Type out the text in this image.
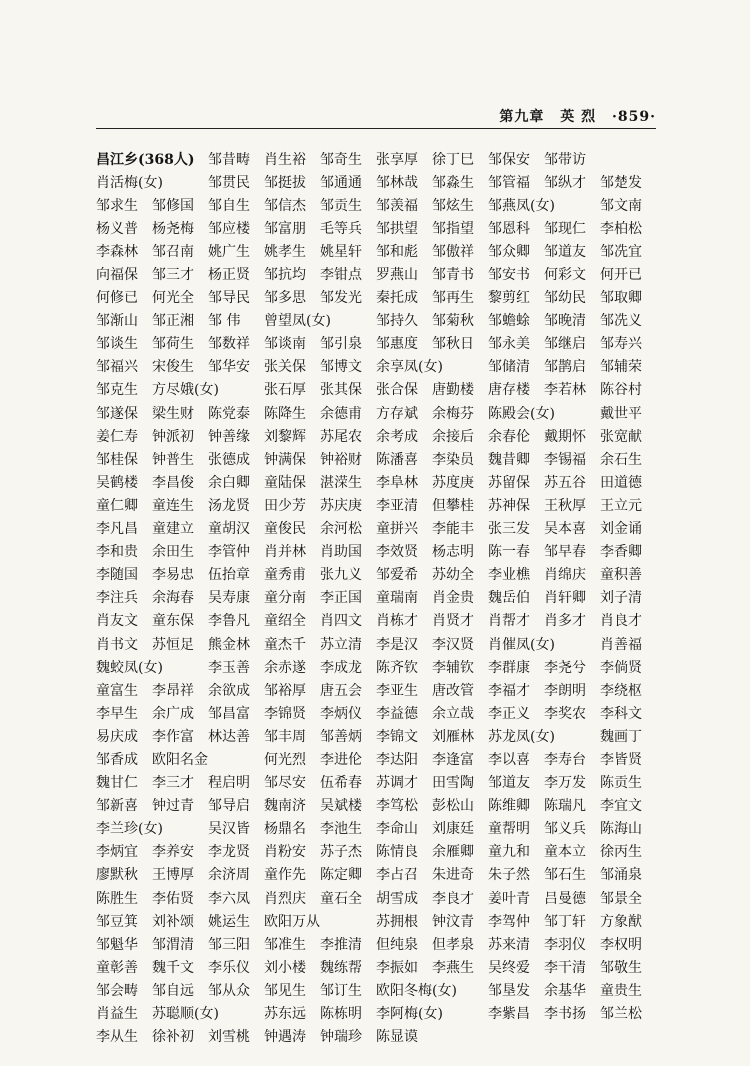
第九章 英 烈 ·859·
昌江乡(368人) 邹昔畴	肖生裕	邹奇生	张享厚	徐丁巳	邹保安	邹带访
肖活梅(女)	邹贯民	邹挺拔	邹通通	邹林哉	邹淼生	邹管福	邹纵才	邹楚发
邹求生	邹修国	邹自生	邹信杰	邹贡生	邹羡福	邹炫生	邹燕凤(女)	邹文南
杨义普	杨尧梅	邹应楼	邹富朋	毛等兵	邹拱望	邹指望	邹恩科	邹现仁	李柏松
李森林	邹召南	姚广生	姚孝生	姚星轩	邹和彪	邹傲祥	邹众卿	邹道友	邹冼宜
向福保	邹三才	杨正贤	邹抗均	李钳点	罗燕山	邹青书	邹安书	何彩文	何开已
何修已	何光全	邹导民	邹多思	邹发光	秦托成	邹再生	黎剪红	邹幼民	邹取卿
邹渐山	邹正湘	邹 伟	曾望凤(女)	邹持久	邹菊秋	邹蟾蜍	邹晚清	邹冼义
邹谈生	邹荷生	邹数祥	邹谈南	邹引泉	邹惠度	邹秋日	邹永美	邹继启	邹寿兴
邹福兴	宋俊生	邹华安	张关保	邹博文	余享凤(女)	邹储清	邹鹊启	邹辅荣
邹克生	方尽娥(女)	张石厚	张其保	张合保	唐勤楼	唐存楼	李若林	陈谷村
邹遂保	梁生财	陈党泰	陈降生	余德甫	方存斌	余梅芬	陈殿会(女)	戴世平
姜仁寿	钟派初	钟善缘	刘黎辉	苏尾农	余考成	余接后	余春伦	戴期怀	张宽献
邹桂保	钟普生	张德成	钟满保	钟裕财	陈潘喜	李染员	魏昔卿	李锡福	余石生
吴鹤楼	李昌俊	余白卿	童陆保	湛溁生	李阜林	苏度庚	苏留保	苏五谷	田道德
童仁卿	童连生	汤龙贤	田少芳	苏庆庚	李亚清	但攀桂	苏神保	王秋厚	王立元
李凡昌	童建立	童胡汉	童俊民	余河松	童拼兴	李能丰	张三发	吴本喜	刘金诵
李和贵	余田生	李管仲	肖并林	肖助国	李效贤	杨志明	陈一春	邹早春	李香卿
李随国	李易忠	伍抬章	童秀甫	张九义	邹爱希	苏幼全	李业樵	肖绵庆	童积善
李注兵	余海春	吴寿康	童分南	李正国	童瑞南	肖金贵	魏岳伯	肖轩卿	刘子清
肖友文	童东保	李鲁凡	童绍全	肖四文	肖栋才	肖贤才	肖帮才	肖多才	肖良才
肖书文	苏恒足	熊金林	童杰千	苏立清	李是汉	李汉贤	肖催凤(女)	肖善福
魏蛟凤(女)	李玉善	余赤遂	李成龙	陈齐钦	李辅钦	李群康	李尧兮	李倘贤
童富生	李昂祥	余欲成	邹裕厚	唐五会	李亚生	唐改管	李福才	李朗明	李绕枢
李早生	余广成	邹昌富	李锦贤	李炳仪	李益德	余立哉	李正义	李奖农	李科文
易庆成	李作富	林达善	邹丰周	邹善炳	李锦文	刘雁林	苏龙凤(女)	魏画丁
邹香成	欧阳名金	何光烈	李进伦	李达阳	李逢富	李以喜	李寿台	李皆贤
魏甘仁	李三才	程启明	邹尽安	伍希春	苏调才	田雪陶	邹道友	李万发	陈贡生
邹新喜	钟过青	邹导启	魏南济	吴斌楼	李笃松	彭松山	陈维卿	陈瑞凡	李宜文
李兰珍(女)	吴汉皆	杨鼎名	李池生	李命山	刘康廷	童帮明	邹义兵	陈海山
李炳宜	李养安	李龙贤	肖粉安	苏子杰	陈情良	余雁卿	童九和	童本立	徐丙生
廖默秋	王博厚	余济周	童作先	陈定卿	李占召	朱进奇	朱子然	邹石生	邹涌泉
陈胜生	李佑贤	李六凤	肖烈庆	童石全	胡雪成	李良才	姜叶青	吕曼德	邹景全
邹豆箕	刘补颂	姚运生	欧阳万从	苏拥根	钟汶青	李驾仲	邹丁轩	方象猷
邹魁华	邹渭清	邹三阳	邹准生	李推清	但纯泉	但孝泉	苏来清	李羽仪	李权明
童彰善	魏千文	李乐仪	刘小楼	魏练帮	李振如	李燕生	吴终爱	李干清	邹敬生
邹会畴	邹自远	邹从众	邹见生	邹订生	欧阳冬梅(女) 邹垦发	余基华	童贵生
肖益生	苏聪顺(女)	苏东远	陈栋明	李阿梅(女)	李紫昌	李书扬	邹兰松
李从生	徐补初	刘雪桃	钟遇涛	钟瑞珍	陈显谟
